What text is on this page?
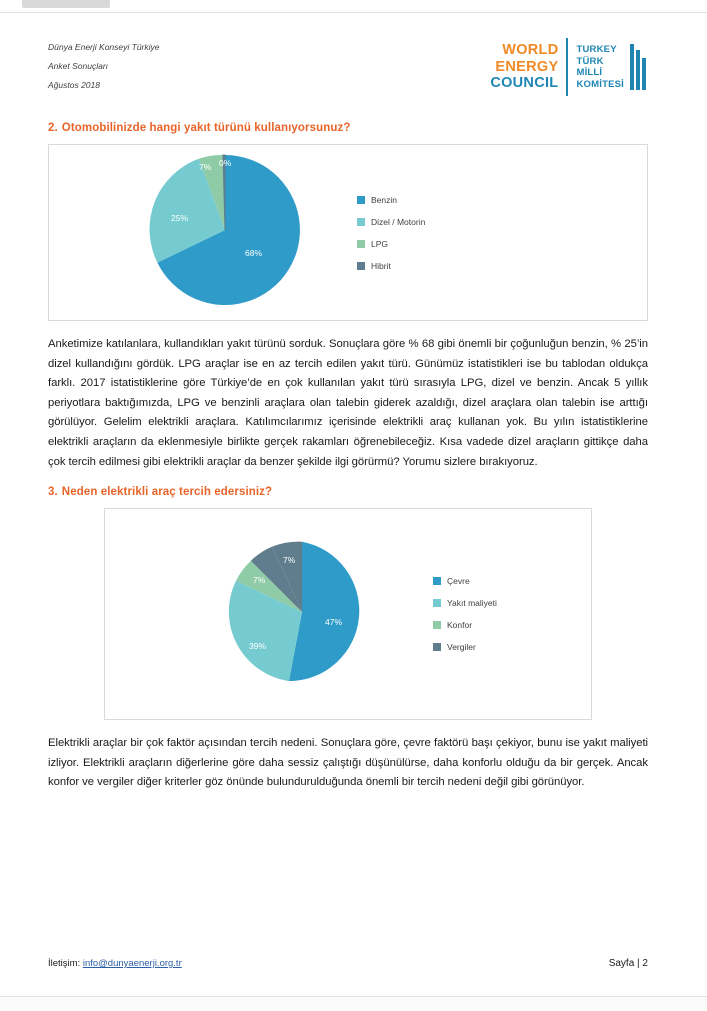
Dünya Enerji Konseyi Türkiye
Anket Sonuçları
Ağustos 2018
WORLD
ENERGY
COUNCIL
TURKEY
TÜRK
MİLLİ
KOMİTESİ
2. Otomobilinizde hangi yakıt türünü kullanıyorsunuz?
68%
25%
7% 0%
Benzin
Dizel / Motorin
LPG
Hibrit
Anketimize katılanlara, kullandıkları yakıt türünü sorduk. Sonuçlara göre % 68 gibi önemli bir çoğunluğun benzin, % 25’in dizel kullandığını gördük. LPG araçlar ise en az tercih edilen yakıt türü. Günümüz istatistikleri ise bu tablodan oldukça farklı. 2017 istatistiklerine göre Türkiye’de en çok kullanılan yakıt türü sırasıyla LPG, dizel ve benzin. Ancak 5 yıllık periyotlara baktığımızda, LPG ve benzinli araçlara olan talebin giderek azaldığı, dizel araçlara olan talebin ise arttığı görülüyor. Gelelim elektrikli araçlara. Katılımcılarımız içerisinde elektrikli araç kullanan yok. Bu yılın istatistiklerine elektrikli araçların da eklenmesiyle birlikte gerçek rakamları öğrenebileceğiz. Kısa vadede dizel araçların gittikçe daha çok tercih edilmesi gibi elektrikli araçlar da benzer şekilde ilgi görürmü? Yorumu sizlere bırakıyoruz.
3. Neden elektrikli araç tercih edersiniz?
47%
39%
7%
7%
Çevre
Yakıt maliyeti
Konfor
Vergiler
Elektrikli araçlar bir çok faktör açısından tercih nedeni. Sonuçlara göre, çevre faktörü başı çekiyor, bunu ise yakıt maliyeti izliyor. Elektrikli araçların diğerlerine göre daha sessiz çalıştığı düşünülürse, daha konforlu olduğu da bir gerçek. Ancak konfor ve vergiler diğer kriterler göz önünde bulundurulduğunda önemli bir tercih nedeni değil gibi görünüyor.
İletişim: info@dunyaenerji.org.tr	Sayfa | 2
